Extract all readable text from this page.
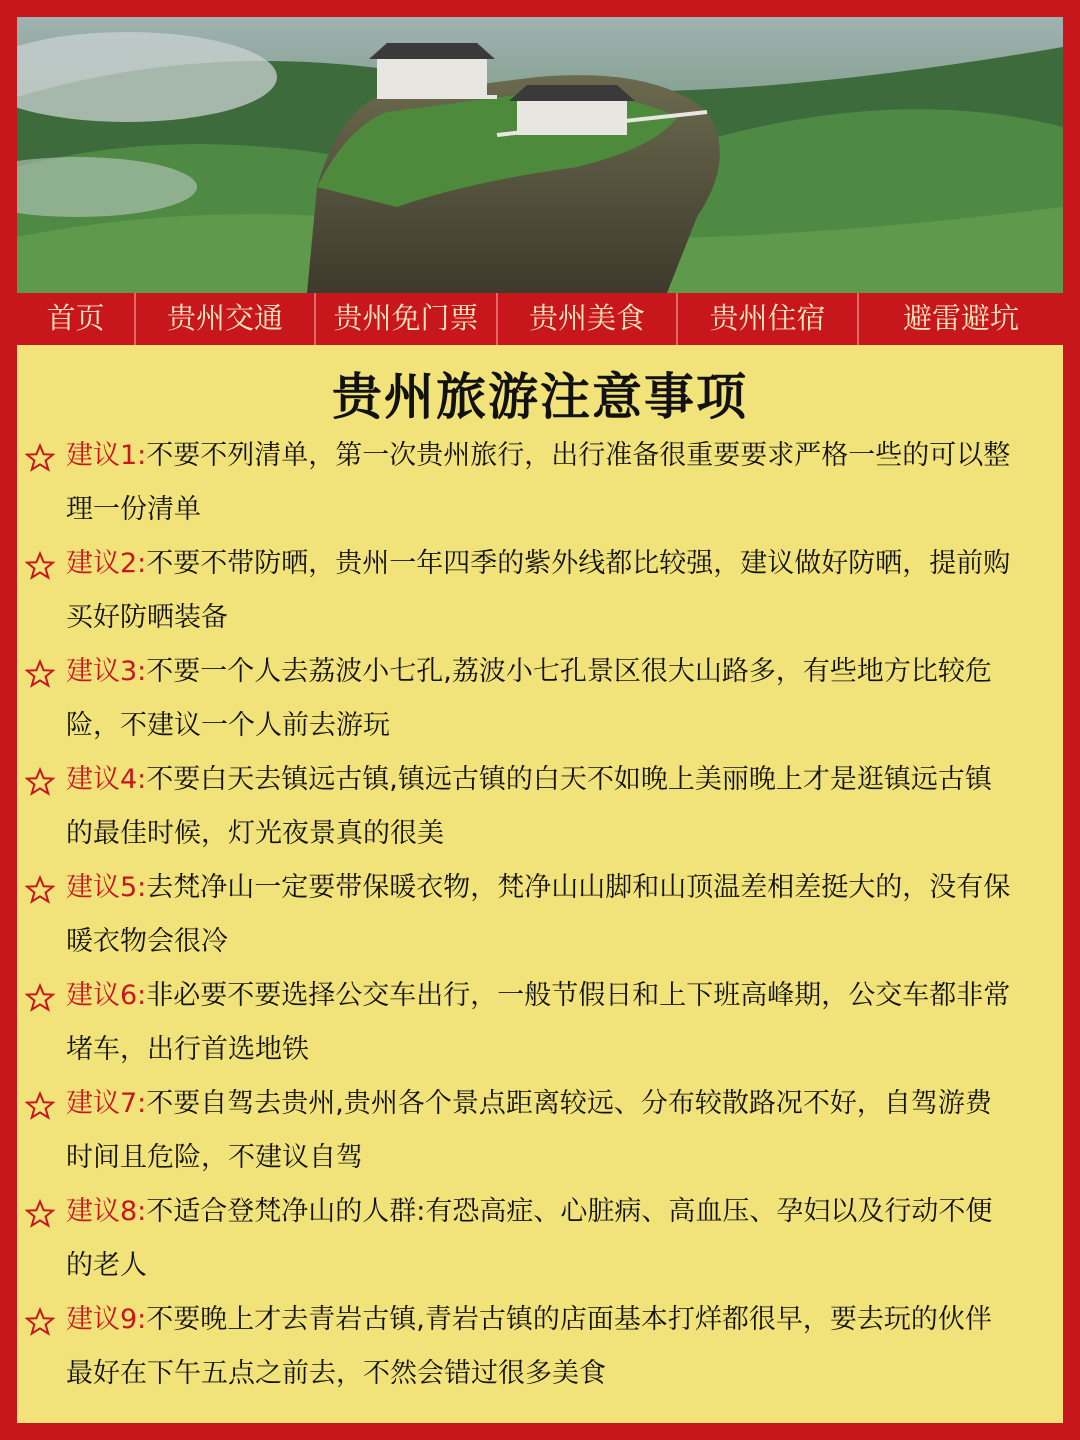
首页	贵州交通	贵州免门票	贵州美食	贵州住宿	避雷避坑
贵州旅游注意事项
建议1:不要不列清单，第一次贵州旅行，出行准备很重要要求严格一些的可以整理一份清单
建议2:不要不带防晒，贵州一年四季的紫外线都比较强，建议做好防晒，提前购买好防晒装备
建议3:不要一个人去荔波小七孔,荔波小七孔景区很大山路多，有些地方比较危险，不建议一个人前去游玩
建议4:不要白天去镇远古镇,镇远古镇的白天不如晚上美丽晚上才是逛镇远古镇的最佳时候，灯光夜景真的很美
建议5:去梵净山一定要带保暖衣物，梵净山山脚和山顶温差相差挺大的，没有保暖衣物会很冷
建议6:非必要不要选择公交车出行，一般节假日和上下班高峰期，公交车都非常堵车，出行首选地铁
建议7:不要自驾去贵州,贵州各个景点距离较远、分布较散路况不好，自驾游费时间且危险，不建议自驾
建议8:不适合登梵净山的人群:有恐高症、心脏病、高血压、孕妇以及行动不便的老人
建议9:不要晚上才去青岩古镇,青岩古镇的店面基本打烊都很早，要去玩的伙伴最好在下午五点之前去，不然会错过很多美食
